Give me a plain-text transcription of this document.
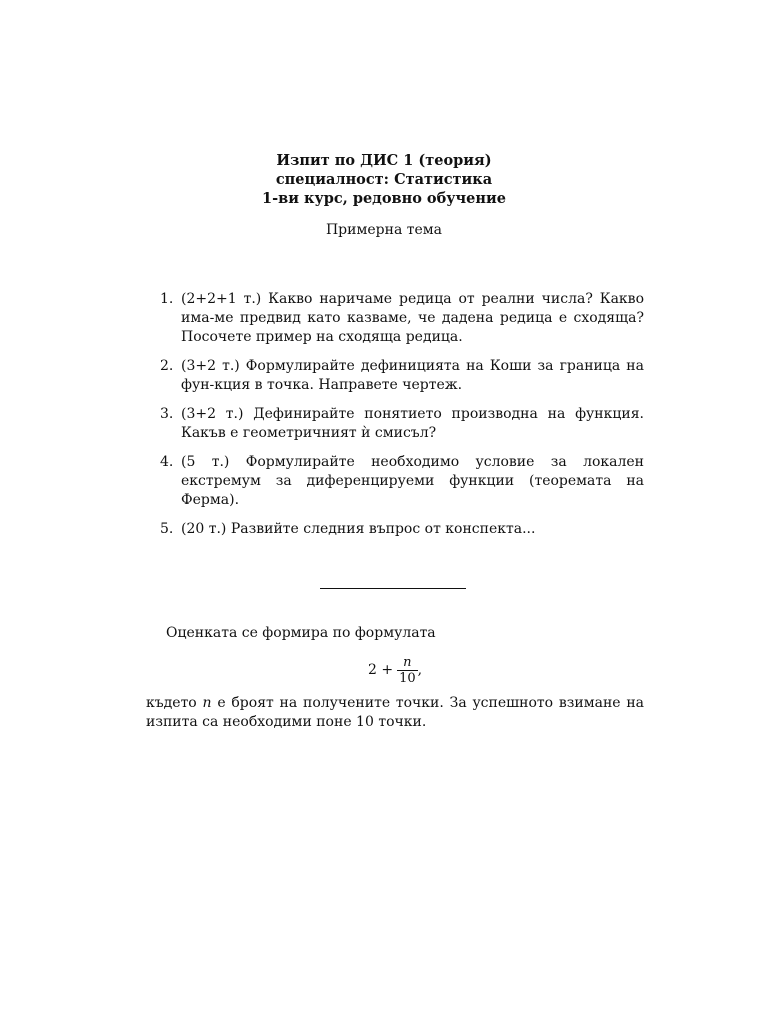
Изпит по ДИС 1 (теория)
специалност: Статистика
1-ви курс, редовно обучение
Примерна тема
1. (2+2+1 т.) Какво наричаме редица от реални числа? Какво има-ме предвид като казваме, че дадена редица е сходяща? Посочете пример на сходяща редица.
2. (3+2 т.) Формулирайте дефиницията на Коши за граница на фун-кция в точка. Направете чертеж.
3. (3+2 т.) Дефинирайте понятието производна на функция. Какъв е геометричният ѝ смисъл?
4. (5 т.) Формулирайте необходимо условие за локален екстремум за диференцируеми функции (теоремата на Ферма).
5. (20 т.) Развийте следния въпрос от конспекта...
Оценката се формира по формулата
$2 + \frac{n}{10}$ ,
където n е броят на получените точки. За успешното взимане на изпита са необходими поне 10 точки.
